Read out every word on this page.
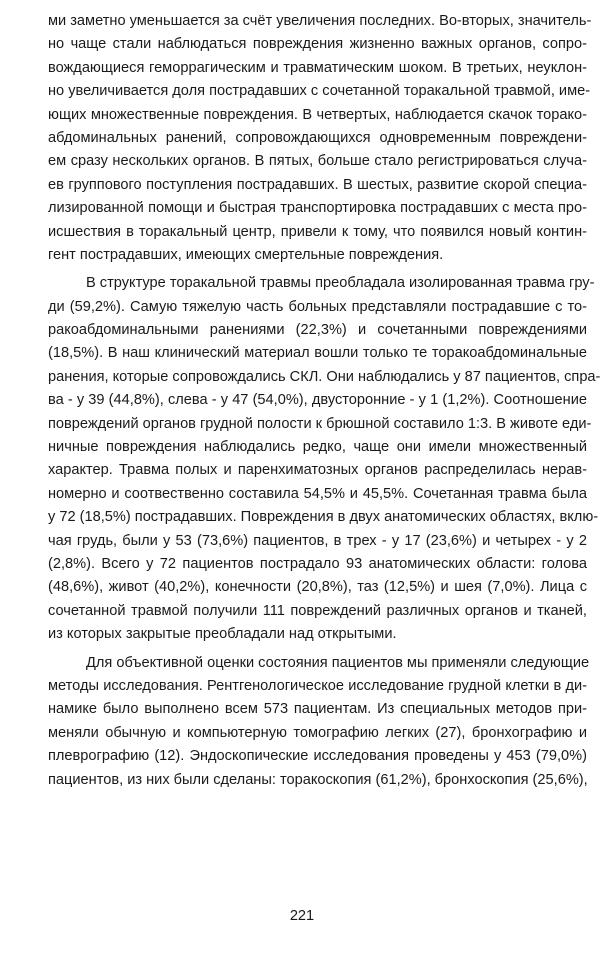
ми заметно уменьшается за счёт увеличения последних. Во-вторых, значитель-
но чаще стали наблюдаться повреждения жизненно важных органов, сопро-
вождающиеся геморрагическим и травматическим шоком. В третьих, неуклон-
но увеличивается доля пострадавших с сочетанной торакальной травмой, име-
ющих множественные повреждения. В четвертых, наблюдается скачок торако-
абдоминальных ранений, сопровождающихся одновременным повреждени-
ем сразу нескольких органов. В пятых, больше стало регистрироваться случа-
ев группового поступления пострадавших. В шестых, развитие скорой специа-
лизированной помощи и быстрая транспортировка пострадавших с места про-
исшествия в торакальный центр, привели к тому, что появился новый контин-
гент пострадавших, имеющих смертельные повреждения.
В структуре торакальной травмы преобладала изолированная травма гру-
ди (59,2%). Самую тяжелую часть больных представляли пострадавшие с то-
ракоабдоминальными ранениями (22,3%) и сочетанными повреждениями
(18,5%). В наш клинический материал вошли только те торакоабдоминальные
ранения, которые сопровождались СКЛ. Они наблюдались у 87 пациентов, спра-
ва - у 39 (44,8%), слева - у 47 (54,0%), двусторонние - у 1 (1,2%). Соотношение
повреждений органов грудной полости к брюшной составило 1:3. В животе еди-
ничные повреждения наблюдались редко, чаще они имели множественный
характер. Травма полых и паренхиматозных органов распределилась нерав-
номерно и соотвественно составила 54,5% и 45,5%. Сочетанная травма была
у 72 (18,5%) пострадавших. Повреждения в двух анатомических областях, вклю-
чая грудь, были у 53 (73,6%) пациентов, в трех - у 17 (23,6%) и четырех - у 2
(2,8%). Всего у 72 пациентов пострадало 93 анатомических области: голова
(48,6%), живот (40,2%), конечности (20,8%), таз (12,5%) и шея (7,0%). Лица с
сочетанной травмой получили 111 повреждений различных органов и тканей,
из которых закрытые преобладали над открытыми.
Для объективной оценки состояния пациентов мы применяли следующие
методы исследования. Рентгенологическое исследование грудной клетки в ди-
намике было выполнено всем 573 пациентам. Из специальных методов при-
меняли обычную и компьютерную томографию легких (27), бронхографию и
плеврографию (12). Эндоскопические исследования проведены у 453 (79,0%)
пациентов, из них были сделаны: торакоскопия (61,2%), бронхоскопия (25,6%),
221
